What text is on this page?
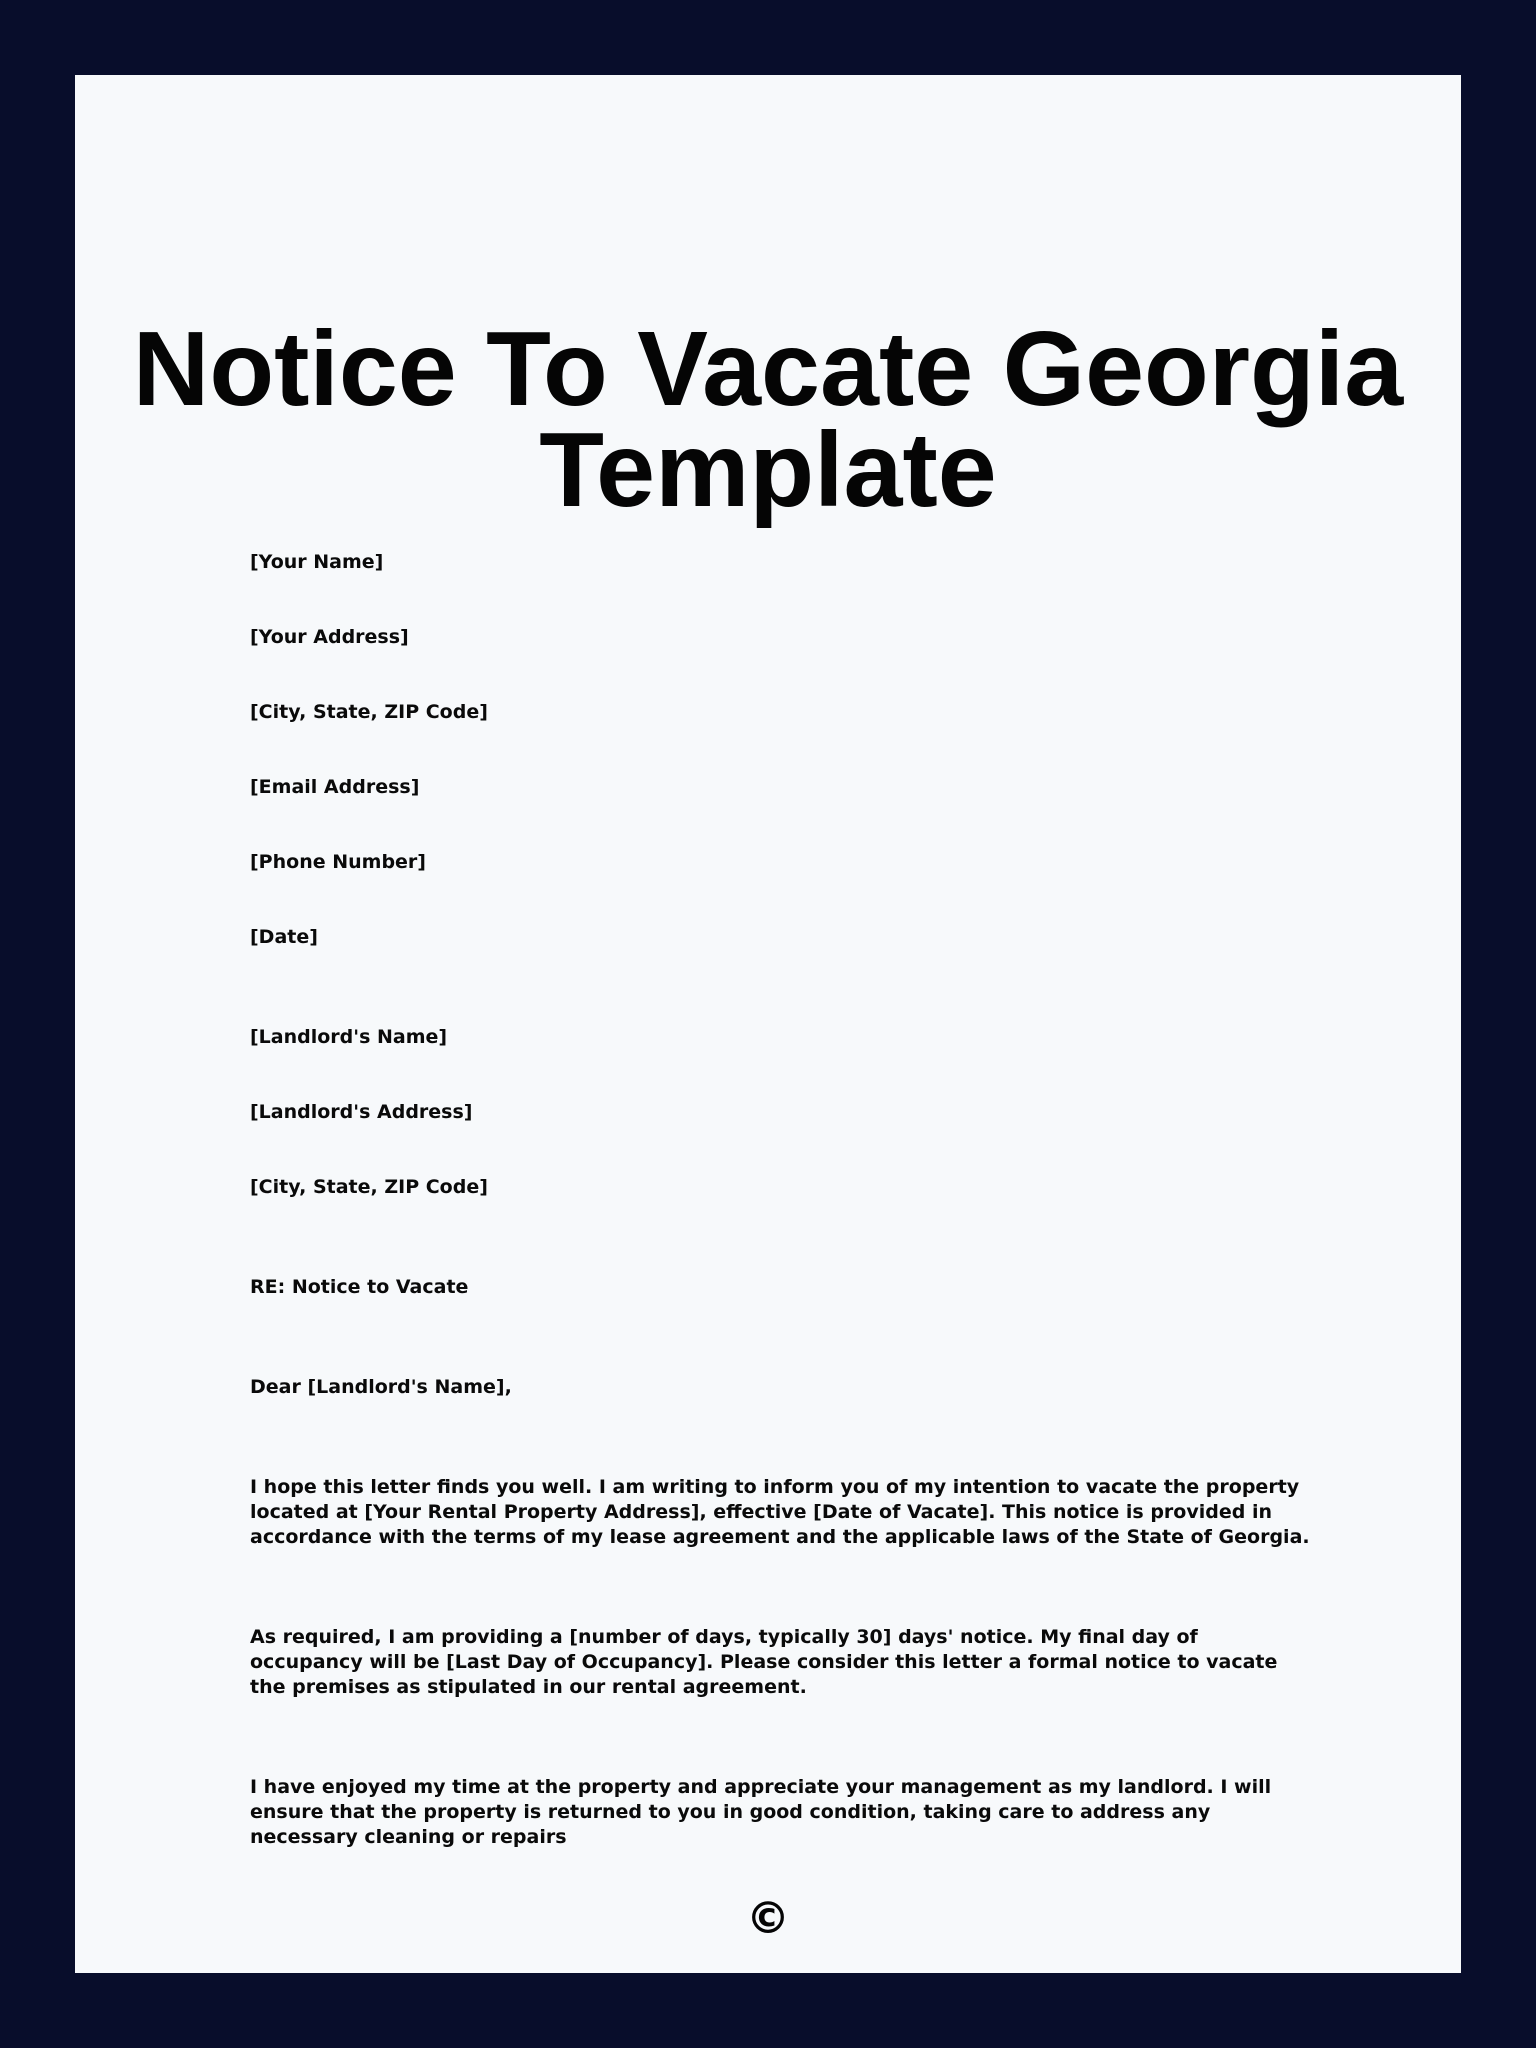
Notice To Vacate Georgia Template

[Your Name]

[Your Address]

[City, State, ZIP Code]

[Email Address]

[Phone Number]

[Date]

[Landlord's Name]

[Landlord's Address]

[City, State, ZIP Code]

RE: Notice to Vacate

Dear [Landlord's Name],

I hope this letter finds you well. I am writing to inform you of my intention to vacate the property located at [Your Rental Property Address], effective [Date of Vacate]. This notice is provided in accordance with the terms of my lease agreement and the applicable laws of the State of Georgia.

As required, I am providing a [number of days, typically 30] days' notice. My final day of occupancy will be [Last Day of Occupancy]. Please consider this letter a formal notice to vacate the premises as stipulated in our rental agreement.

I have enjoyed my time at the property and appreciate your management as my landlord. I will ensure that the property is returned to you in good condition, taking care to address any necessary cleaning or repairs

©
